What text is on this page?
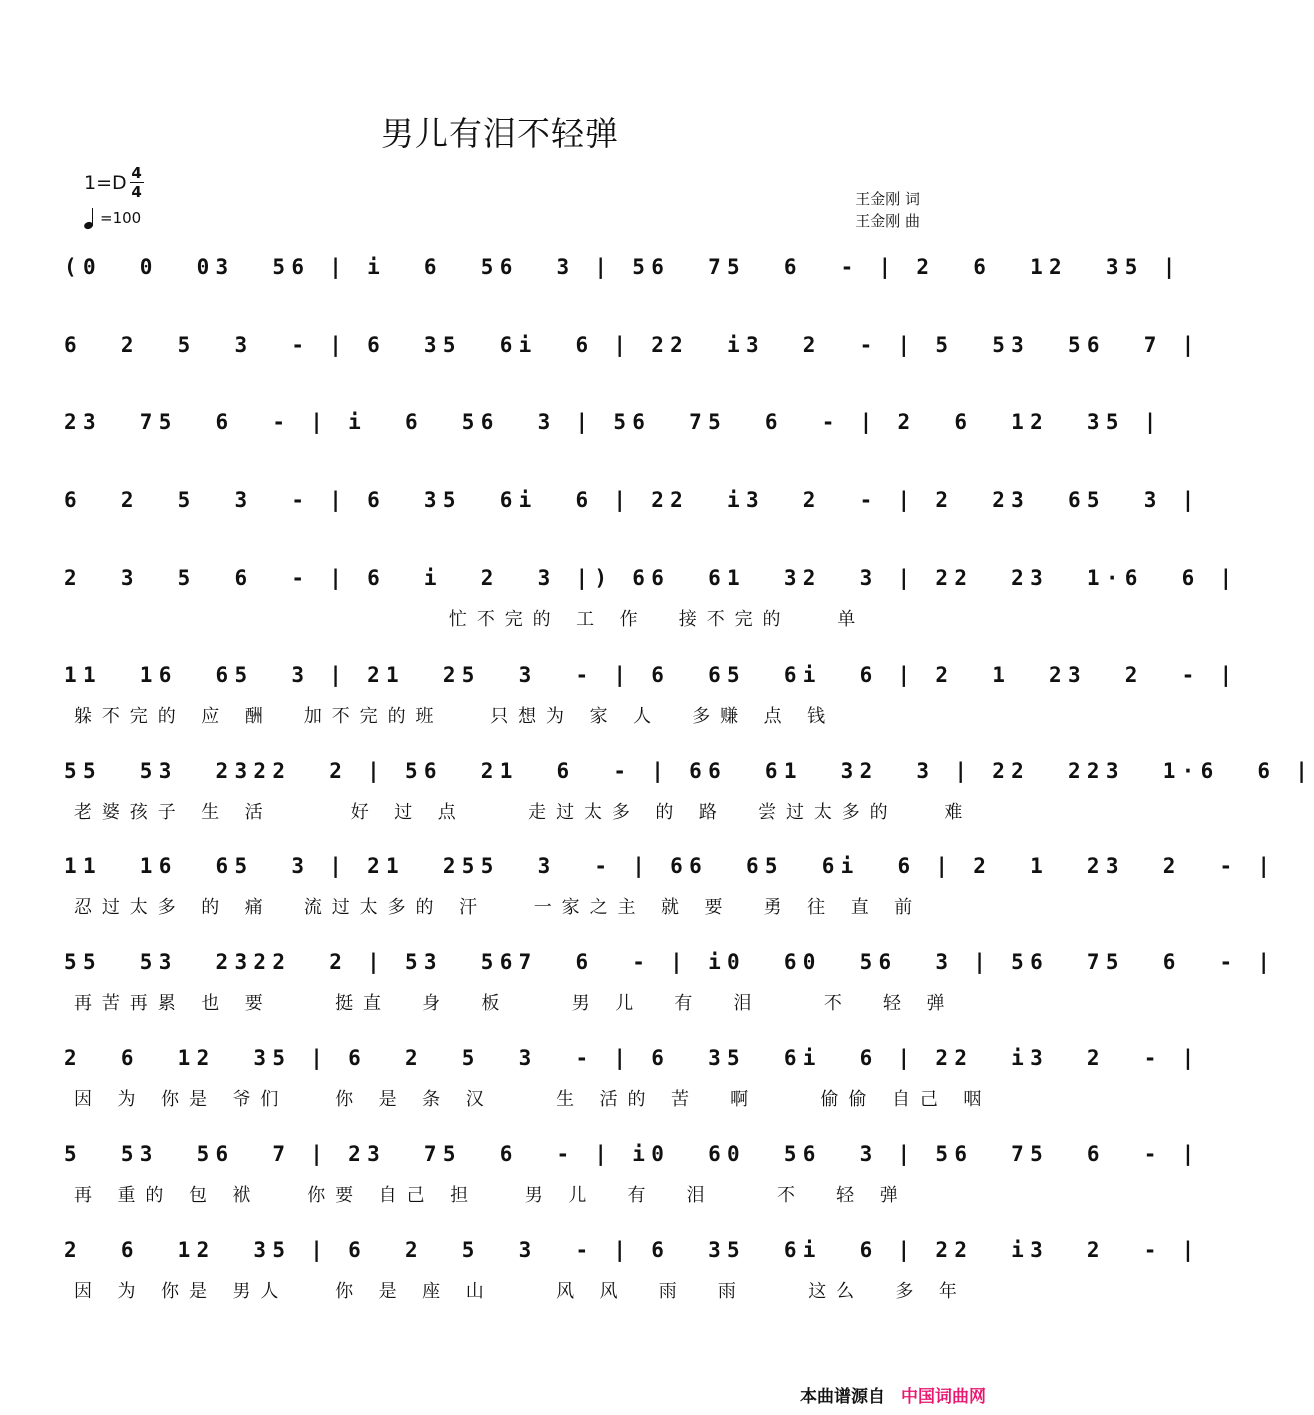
男儿有泪不轻弹
$1=D \frac{4}{4}$
=100
王金刚 词
王金刚 曲
(0  0  03  56 | i  6  56  3 | 56  75  6  - | 2  6  12  35 |
6  2  5  3  - | 6  35  6i  6 | 22  i3  2  - | 5  53  56  7 |
23  75  6  - | i  6  56  3 | 56  75  6  - | 2  6  12  35 |
6  2  5  3  - | 6  35  6i  6 | 22  i3  2  - | 2  23  65  3 |
2  3  5  6  - | 6  i  2  3 |) 66  61  32  3 | 22  23  1·6  6 |
忙不完的 工 作  接不完的   单
11  16  65  3 | 21  25  3  - | 6  65  6i  6 | 2  1  23  2  - |
躲不完的 应 酬  加不完的班   只想为 家 人  多赚 点 钱
55  53  2322  2 | 56  21  6  - | 66  61  32  3 | 22  223  1·6  6 |
老婆孩子 生 活     好 过 点    走过太多 的 路  尝过太多的   难
11  16  65  3 | 21  255  3  - | 66  65  6i  6 | 2  1  23  2  - |
忍过太多 的 痛  流过太多的 汗   一家之主 就 要  勇 往 直 前
55  53  2322  2 | 53  567  6  - | i0  60  56  3 | 56  75  6  - |
再苦再累 也 要    挺直  身  板    男 儿  有  泪    不  轻 弹
2  6  12  35 | 6  2  5  3  - | 6  35  6i  6 | 22  i3  2  - |
因 为 你是 爷们   你 是 条 汉    生 活的 苦  啊    偷偷 自己 咽
5  53  56  7 | 23  75  6  - | i0  60  56  3 | 56  75  6  - |
再 重的 包 袱   你要 自己 担   男 儿  有  泪    不  轻 弹
2  6  12  35 | 6  2  5  3  - | 6  35  6i  6 | 22  i3  2  - |
因 为 你是 男人   你 是 座 山    风 风  雨  雨    这么  多 年
本曲谱源自 中国词曲网
